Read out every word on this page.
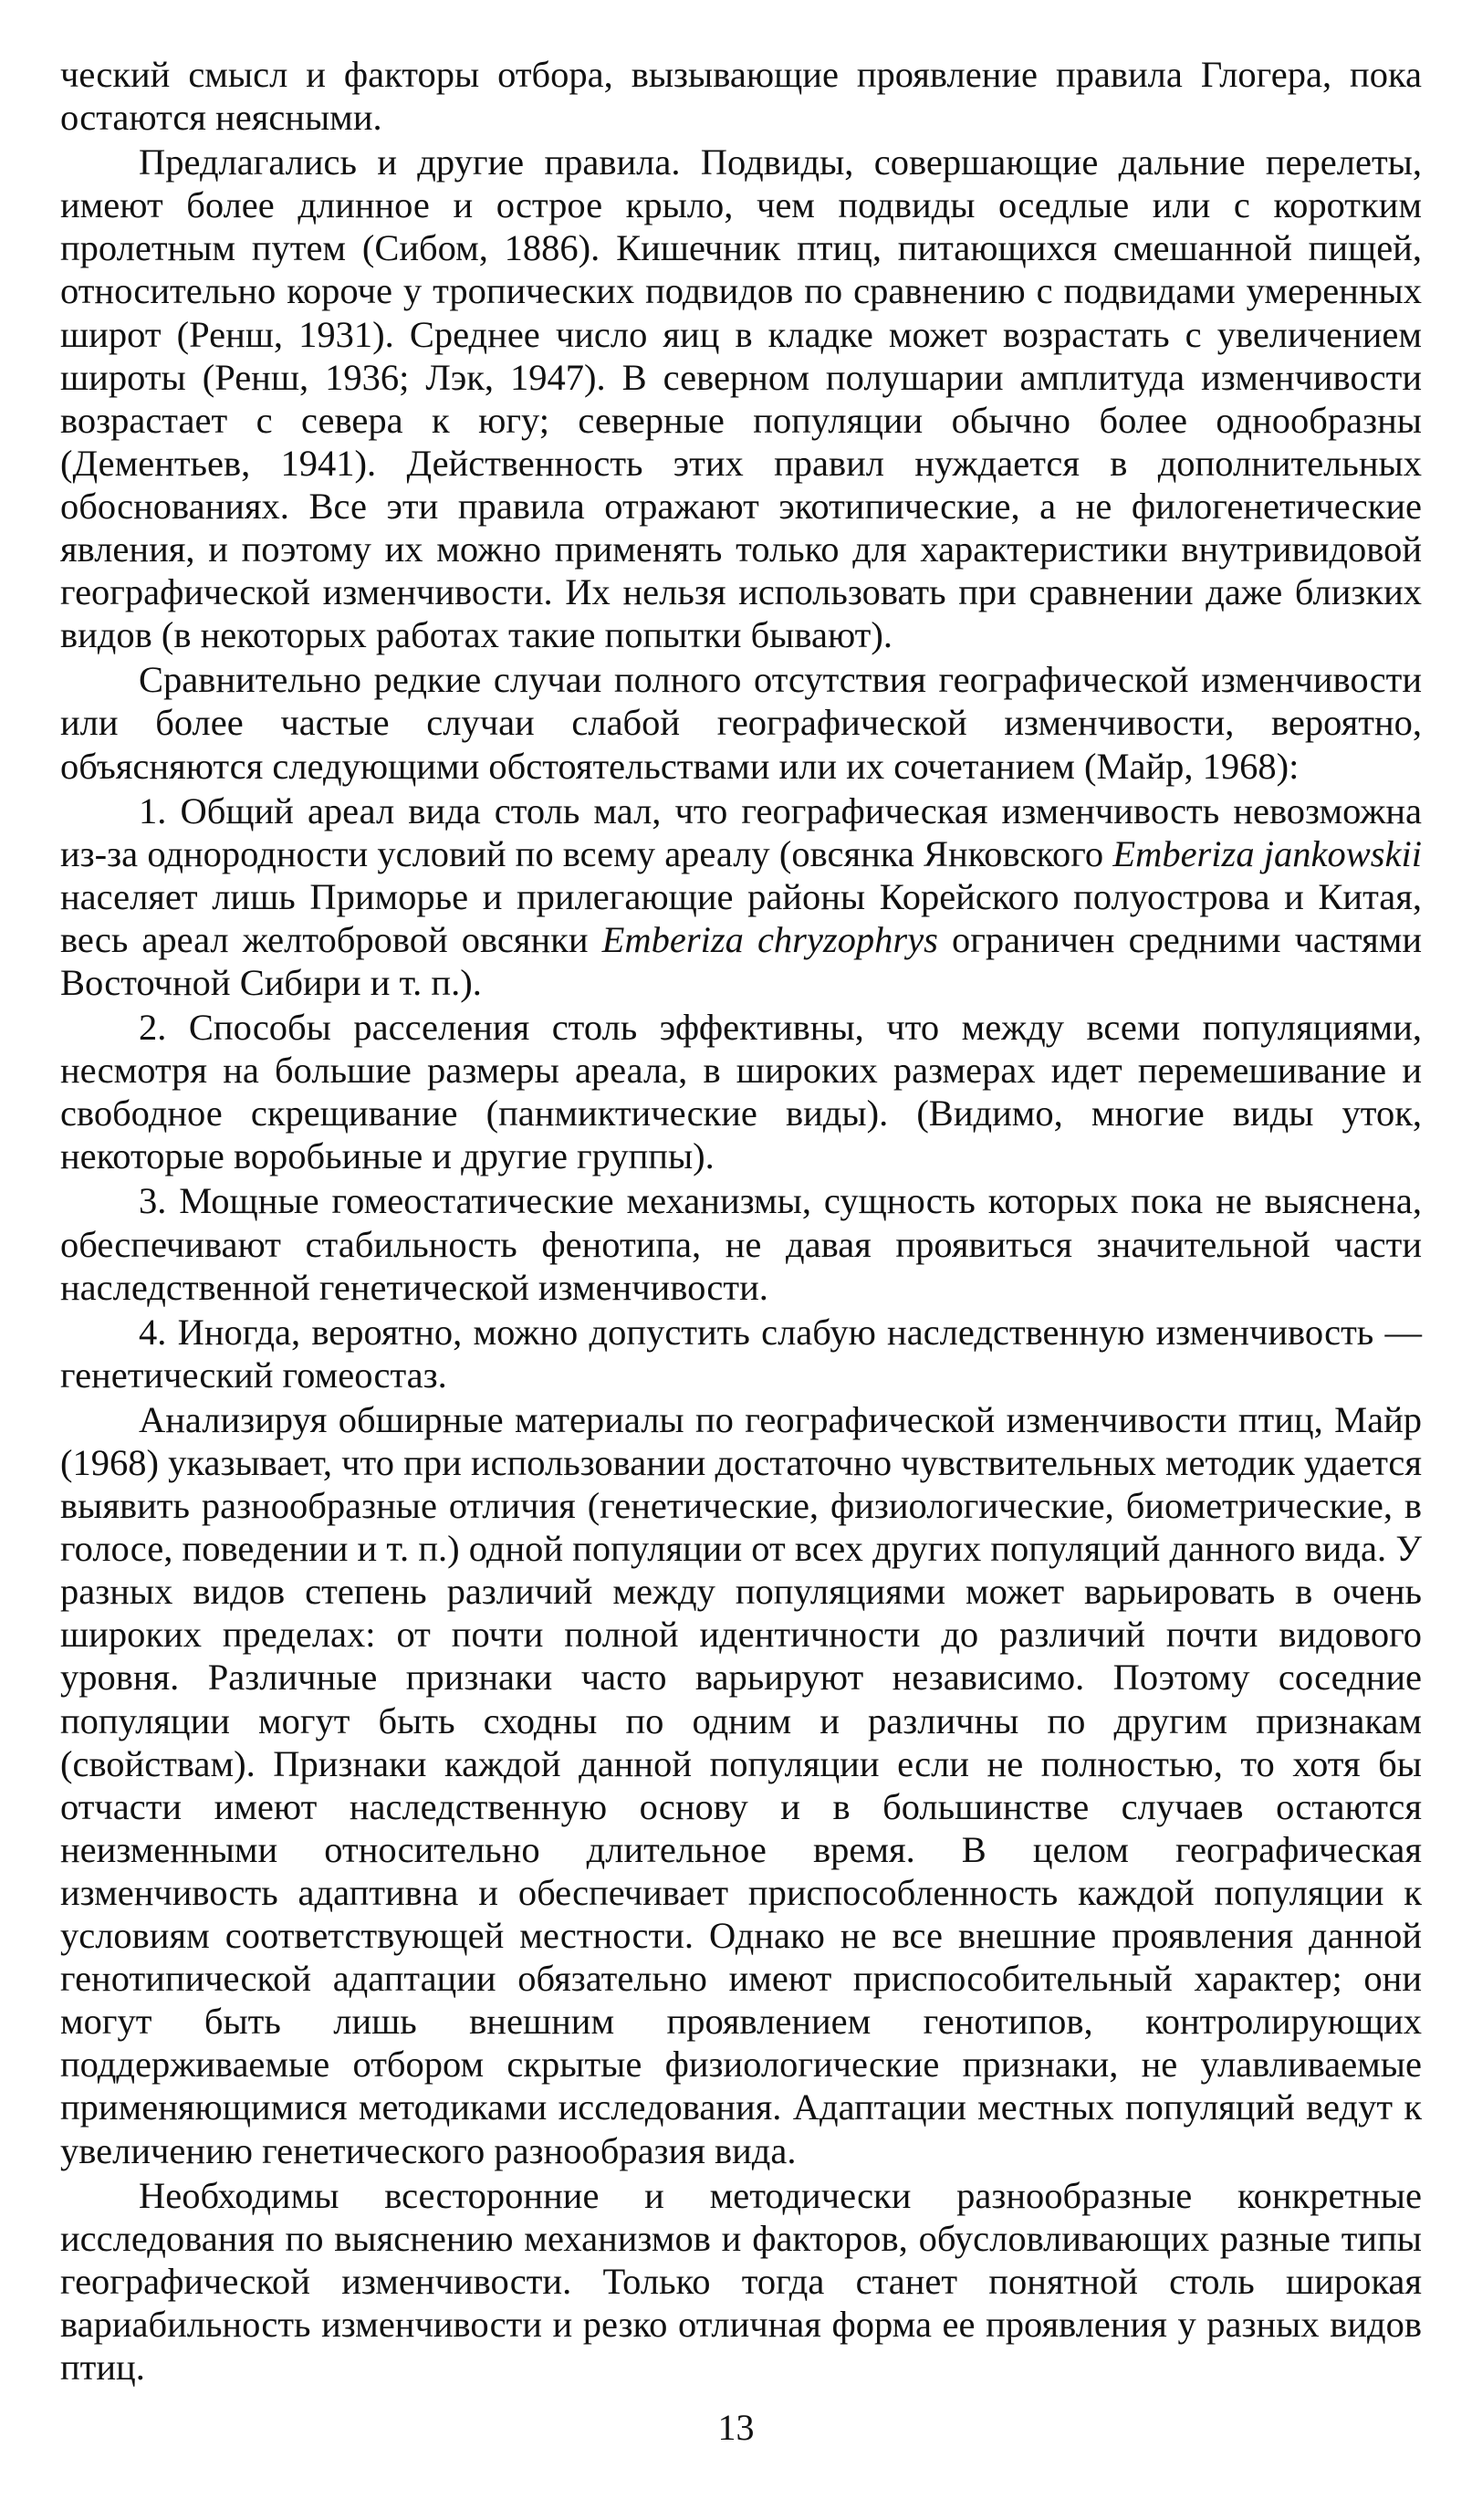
ческий смысл и факторы отбора, вызывающие проявление правила Глогера, пока остаются неясными.

Предлагались и другие правила. Подвиды, совершающие дальние перелеты, имеют более длинное и острое крыло, чем подвиды оседлые или с коротким пролетным путем (Сибом, 1886). Кишечник птиц, питающихся смешанной пищей, относительно короче у тропических подвидов по сравнению с подвидами умеренных широт (Ренш, 1931). Среднее число яиц в кладке может возрастать с увеличением широты (Ренш, 1936; Лэк, 1947). В северном полушарии амплитуда изменчивости возрастает с севера к югу; северные популяции обычно более однообразны (Дементьев, 1941). Действенность этих правил нуждается в дополнительных обоснованиях. Все эти правила отражают экотипические, а не филогенетические явления, и поэтому их можно применять только для характеристики внутривидовой географической изменчивости. Их нельзя использовать при сравнении даже близких видов (в некоторых работах такие попытки бывают).

Сравнительно редкие случаи полного отсутствия географической изменчивости или более частые случаи слабой географической изменчивости, вероятно, объясняются следующими обстоятельствами или их сочетанием (Майр, 1968):

1. Общий ареал вида столь мал, что географическая изменчивость невозможна из-за однородности условий по всему ареалу (овсянка Янковского Emberiza jankowskii населяет лишь Приморье и прилегающие районы Корейского полуострова и Китая, весь ареал желтобровой овсянки Emberiza chryzophrys ограничен средними частями Восточной Сибири и т. п.).

2. Способы расселения столь эффективны, что между всеми популяциями, несмотря на большие размеры ареала, в широких размерах идет перемешивание и свободное скрещивание (панмиктические виды). (Видимо, многие виды уток, некоторые воробьиные и другие группы).

3. Мощные гомеостатические механизмы, сущность которых пока не выяснена, обеспечивают стабильность фенотипа, не давая проявиться значительной части наследственной генетической изменчивости.

4. Иногда, вероятно, можно допустить слабую наследственную изменчивость — генетический гомеостаз.

Анализируя обширные материалы по географической изменчивости птиц, Майр (1968) указывает, что при использовании достаточно чувствительных методик удается выявить разнообразные отличия (генетические, физиологические, биометрические, в голосе, поведении и т. п.) одной популяции от всех других популяций данного вида. У разных видов степень различий между популяциями может варьировать в очень широких пределах: от почти полной идентичности до различий почти видового уровня. Различные признаки часто варьируют независимо. Поэтому соседние популяции могут быть сходны по одним и различны по другим признакам (свойствам). Признаки каждой данной популяции если не полностью, то хотя бы отчасти имеют наследственную основу и в большинстве случаев остаются неизменными относительно длительное время. В целом географическая изменчивость адаптивна и обеспечивает приспособленность каждой популяции к условиям соответствующей местности. Однако не все внешние проявления данной генотипической адаптации обязательно имеют приспособительный характер; они могут быть лишь внешним проявлением генотипов, контролирующих поддерживаемые отбором скрытые физиологические признаки, не улавливаемые применяющимися методиками исследования. Адаптации местных популяций ведут к увеличению генетического разнообразия вида.

Необходимы всесторонние и методически разнообразные конкретные исследования по выяснению механизмов и факторов, обусловливающих разные типы географической изменчивости. Только тогда станет понятной столь широкая вариабильность изменчивости и резко отличная форма ее проявления у разных видов птиц.

13
